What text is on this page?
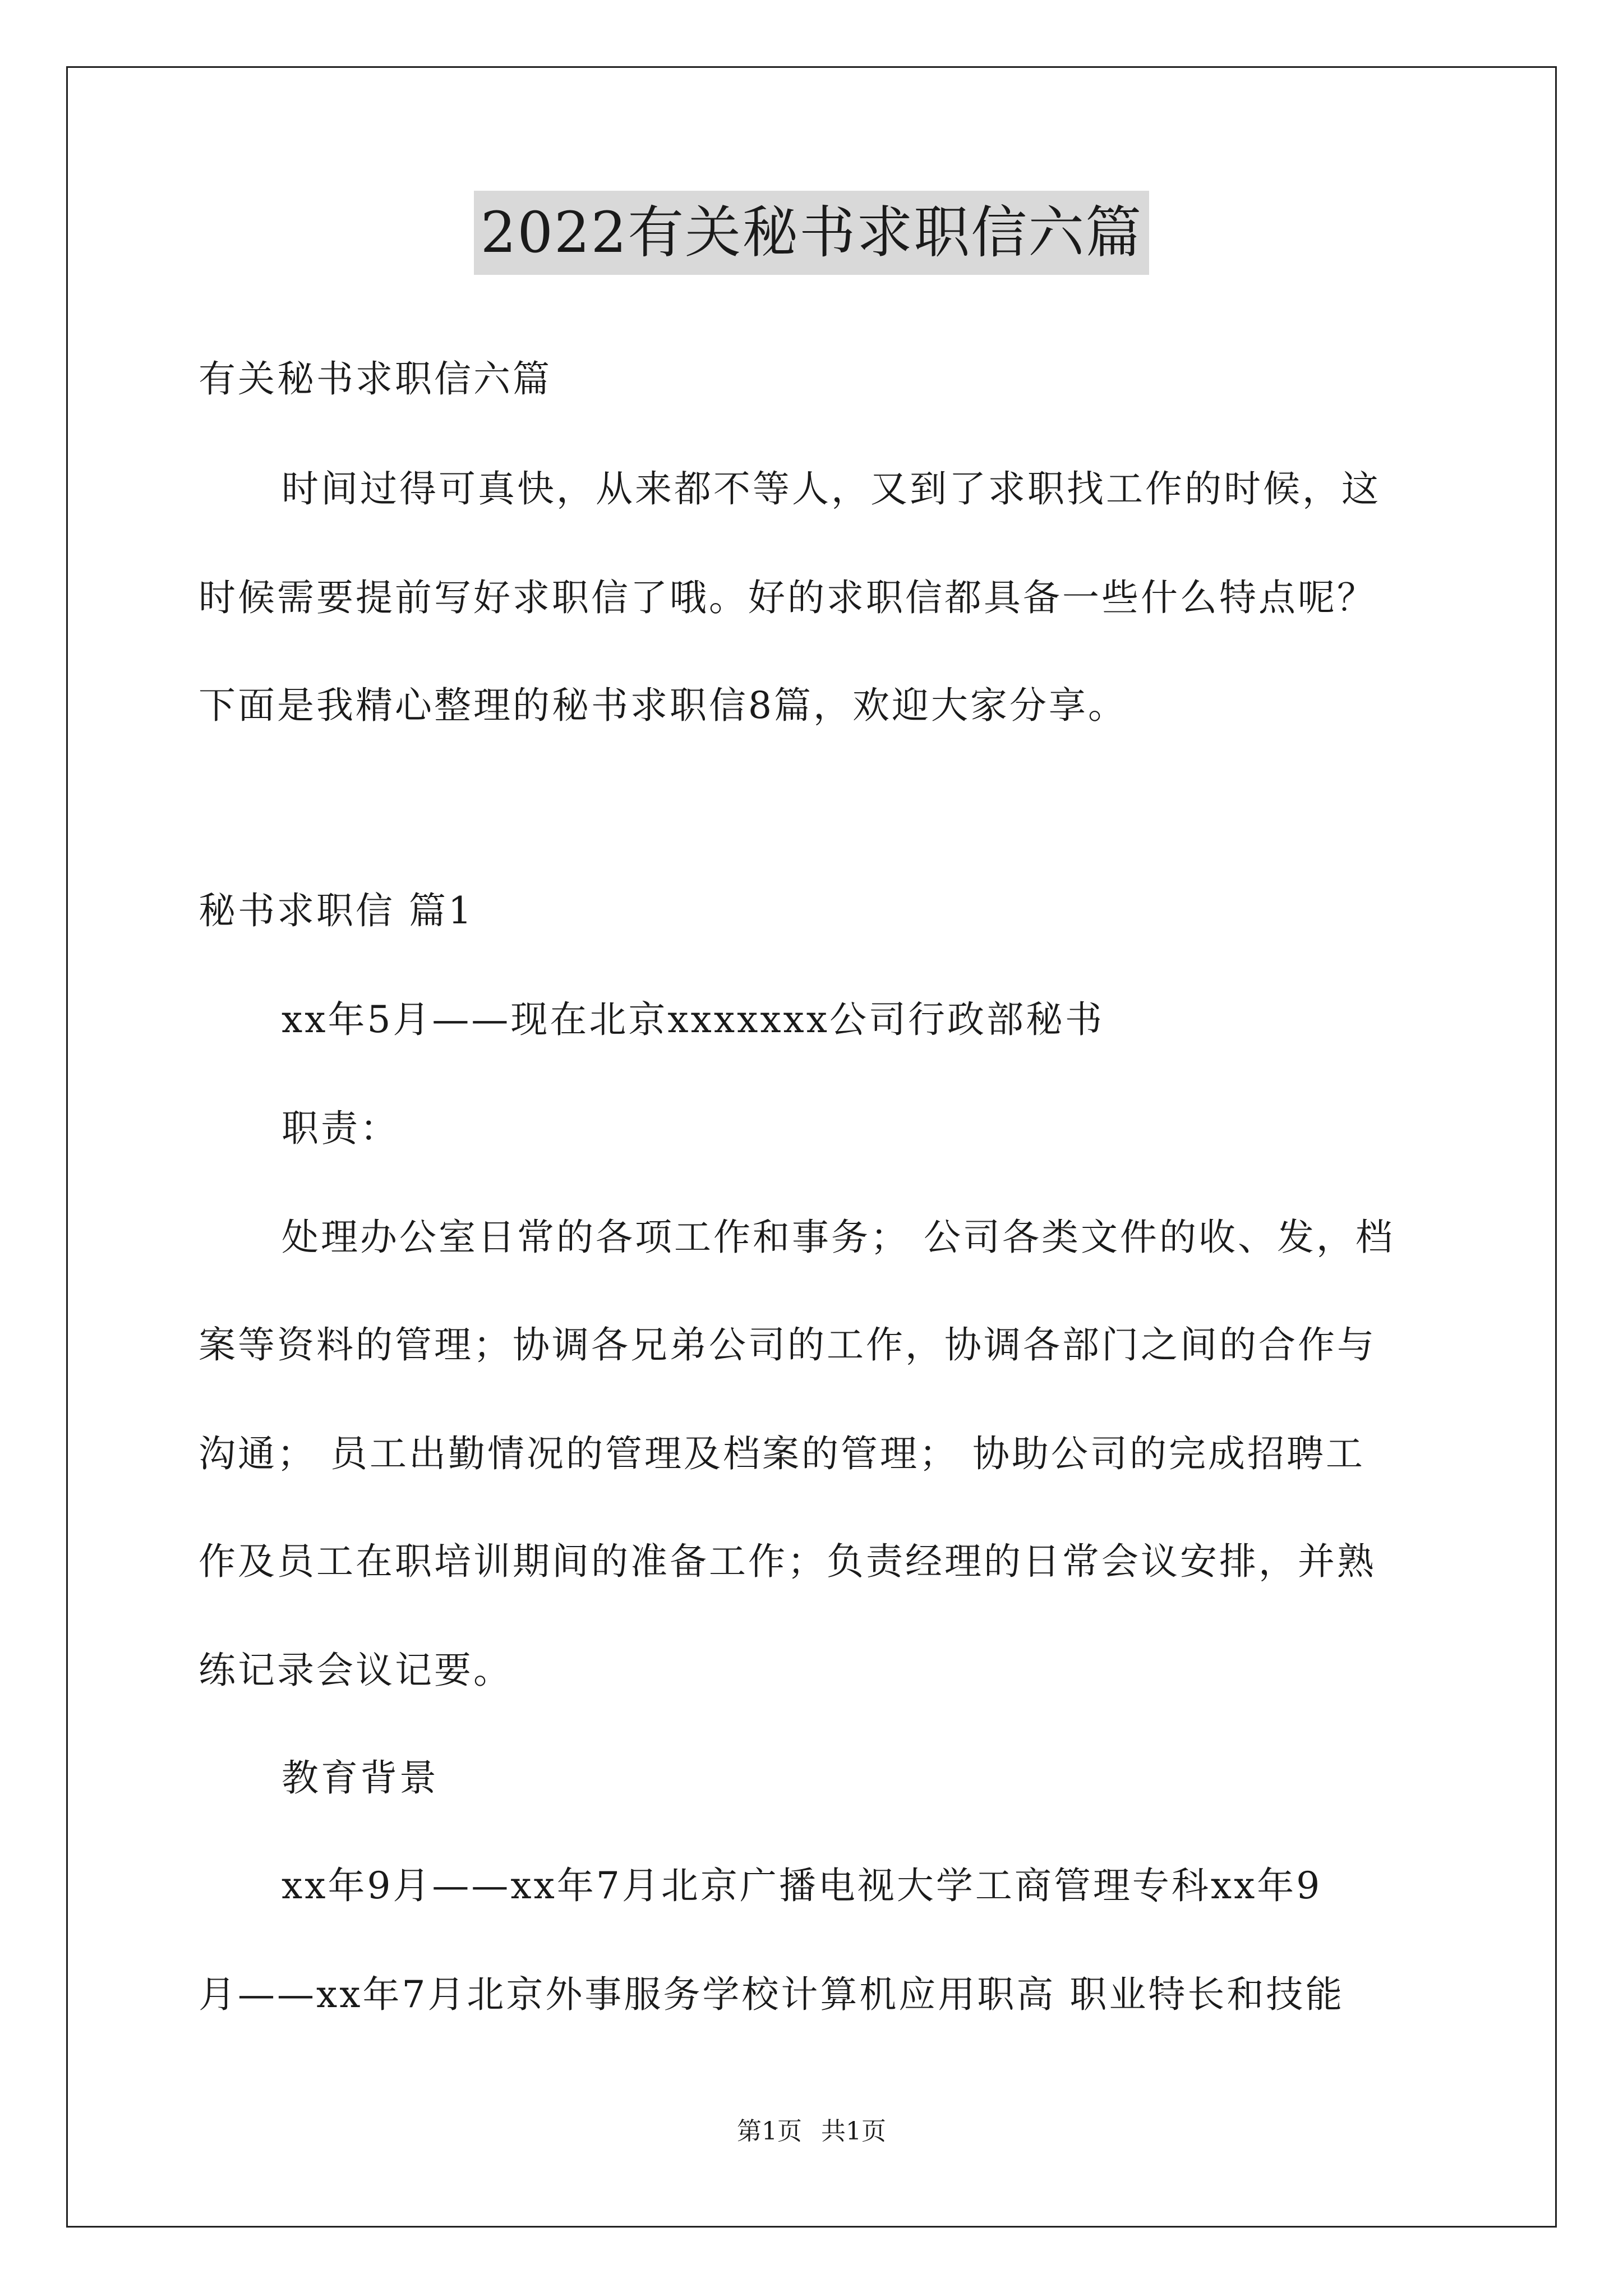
2022有关秘书求职信六篇

有关秘书求职信六篇

时间过得可真快，从来都不等人，又到了求职找工作的时候，这

时候需要提前写好求职信了哦。好的求职信都具备一些什么特点呢？

下面是我精心整理的秘书求职信8篇，欢迎大家分享。

秘书求职信 篇1

xx年5月——现在北京xxxxxxx公司行政部秘书

职责：

处理办公室日常的各项工作和事务； 公司各类文件的收、发，档

案等资料的管理；协调各兄弟公司的工作，协调各部门之间的合作与

沟通； 员工出勤情况的管理及档案的管理； 协助公司的完成招聘工

作及员工在职培训期间的准备工作；负责经理的日常会议安排，并熟

练记录会议记要。

教育背景

xx年9月——xx年7月北京广播电视大学工商管理专科xx年9

月——xx年7月北京外事服务学校计算机应用职高 职业特长和技能

第1页 共1页
